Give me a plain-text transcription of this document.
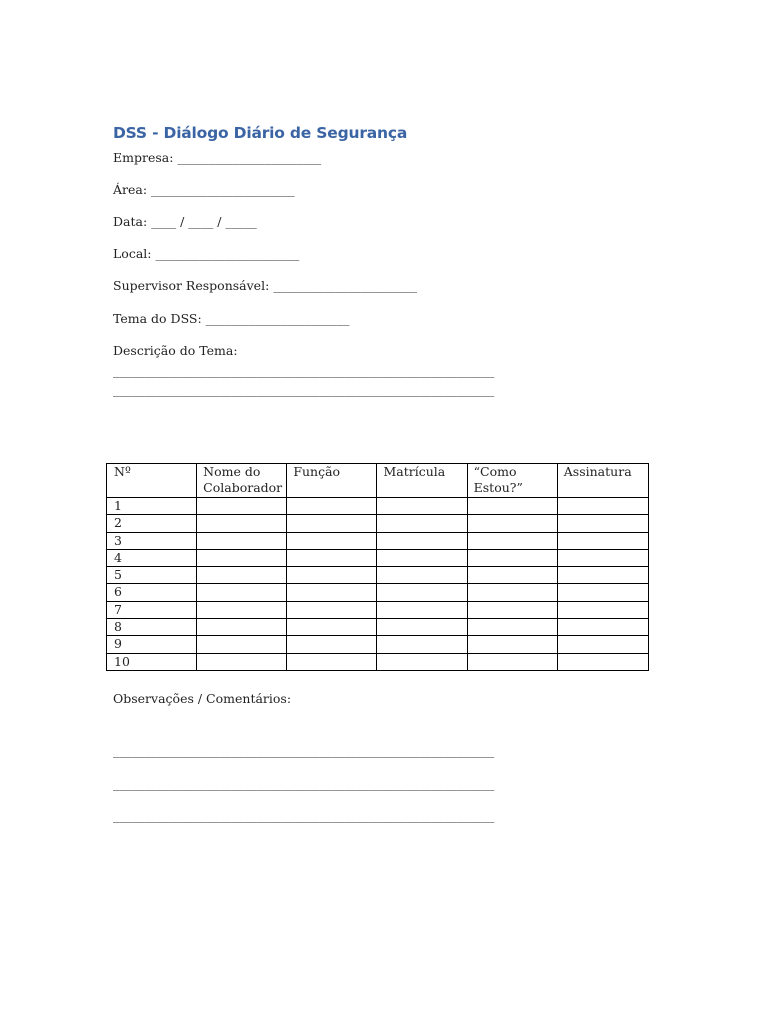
DSS - Diálogo Diário de Segurança
Empresa: _______________________
Área: _______________________
Data: ____ / ____ / _____
Local: _______________________
Supervisor Responsável: _______________________
Tema do DSS: _______________________
Descrição do Tema:
_____________________________________________________________
_____________________________________________________________
Nº	Nome do Colaborador	Função	Matrícula	“Como Estou?”	Assinatura
1					
2					
3					
4					
5					
6					
7					
8					
9					
10					
Observações / Comentários:
_____________________________________________________________
_____________________________________________________________
_____________________________________________________________
